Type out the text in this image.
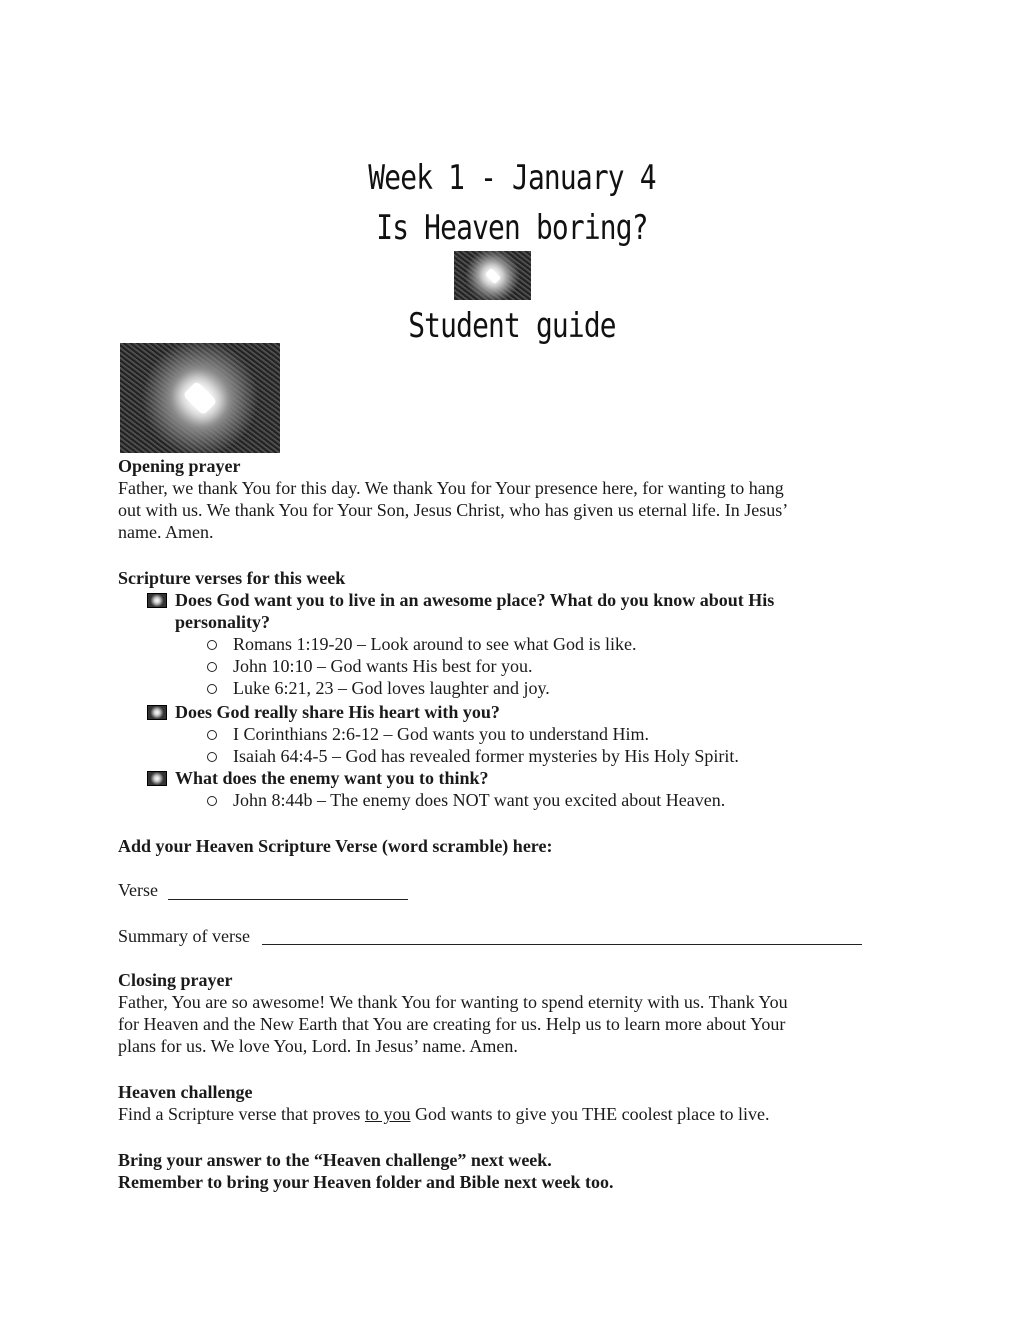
Week 1 - January 4
Is Heaven boring?
Student guide
Opening prayer
Father, we thank You for this day. We thank You for Your presence here, for wanting to hang
out with us. We thank You for Your Son, Jesus Christ, who has given us eternal life. In Jesus’
name. Amen.
Scripture verses for this week
Does God want you to live in an awesome place? What do you know about His
personality?
Romans 1:19-20 – Look around to see what God is like.
John 10:10 – God wants His best for you.
Luke 6:21, 23 – God loves laughter and joy.
Does God really share His heart with you?
I Corinthians 2:6-12 – God wants you to understand Him.
Isaiah 64:4-5 – God has revealed former mysteries by His Holy Spirit.
What does the enemy want you to think?
John 8:44b – The enemy does NOT want you excited about Heaven.
Add your Heaven Scripture Verse (word scramble) here:
Verse
Summary of verse
Closing prayer
Father, You are so awesome! We thank You for wanting to spend eternity with us. Thank You
for Heaven and the New Earth that You are creating for us. Help us to learn more about Your
plans for us. We love You, Lord. In Jesus’ name. Amen.
Heaven challenge
Find a Scripture verse that proves to you God wants to give you THE coolest place to live.
Bring your answer to the “Heaven challenge” next week.
Remember to bring your Heaven folder and Bible next week too.
